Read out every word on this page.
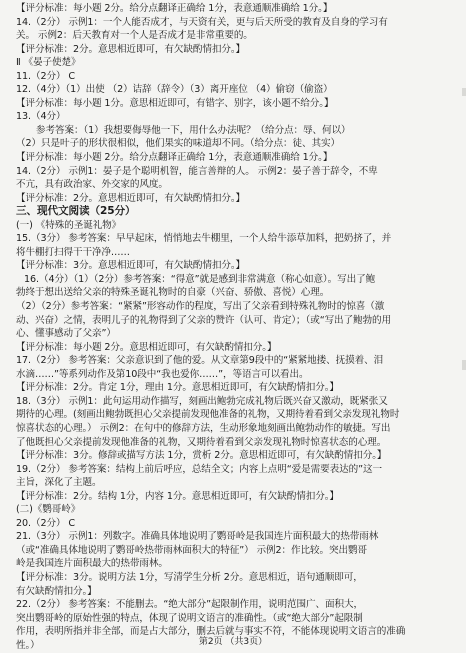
【评分标准：每小题 2分。给分点翻译正确给 1分，表意通顺准确给 1分。】
14.（2分） 示例1：一个人能否成才，与天资有关，更与后天所受的教育及自身的学习有
关。 示例2：后天教育对一个人是否成才是非常重要的。
【评分标准：2分。意思相近即可，有欠缺酌情扣分。】
Ⅱ 《晏子使楚》
11.（2分） C
12.（4分）（1）出使 （2）诘辞（辞令）（3）离开座位 （4）偷窃（偷盗）
【评分标准：每小题 1分。意思相近即可，有错字、别字，该小题不给分。】
13.（4分）
参考答案：（1）我想要侮辱他一下，用什么办法呢？（给分点：辱、何以）
（2）只是叶子的形状很相似，他们果实的味道却不同。（给分点：徒、其实）
【评分标准：每小题 2分。给分点翻译正确给 1分，表意通顺准确给 1分。】
14.（2分） 示例1：晏子是个聪明机智，能言善辩的人。 示例2：晏子善于辞令，不卑
不亢，具有政治家、外交家的风度。
【评分标准：2分。意思相近即可，有欠缺酌情扣分。】
三、现代文阅读（25分）
(一) 《特殊的圣诞礼物》
15.（3分） 参考答案：早早起床，悄悄地去牛棚里，一个人给牛添草加料，把奶挤了，并
将牛棚打扫得干干净净……
【评分标准：3分。意思相近即可，有欠缺酌情扣分。】
16.（4分）（1）（2分）参考答案：“得意”就是感到非常满意（称心如意）。写出了鲍
勃终于想出送给父亲的特殊圣诞礼物时的自豪（兴奋、骄傲、喜悦）心理。
（2）（2分）参考答案：“紧紧”形容动作的程度，写出了父亲看到特殊礼物时的惊喜（激
动、兴奋）之情，表明儿子的礼物得到了父亲的赞许（认可、肯定）；（或“写出了鲍勃的用
心、懂事感动了父亲”）
【评分标准：每小题 2分。意思相近即可，有欠缺酌情扣分。】
17.（2分） 参考答案：父亲意识到了他的爱。从文章第9段中的“紧紧地搂、抚摸着、泪
水滴……”等系列动作及第10段中“我也爱你……”，等语言可以看出。
【评分标准：2分。肯定 1分，理由 1分。意思相近即可，有欠缺酌情扣分。】
18.（3分） 示例1：此句运用动作描写，刻画出鲍勃完成礼物后既兴奋又激动，既紧张又
期待的心理。(刻画出鲍勃既担心父亲提前发现他准备的礼物，又期待着看到父亲发现礼物时
惊喜状态的心理。） 示例2：在句中的修辞方法，生动形象地刻画出鲍勃动作的敏捷。写出
了他既担心父亲提前发现他准备的礼物，又期待着看到父亲发现礼物时惊喜状态的心理。
【评分标准：3分。修辞或描写方法 1分，赏析 2分。意思相近即可，有欠缺酌情扣分。】
19.（2分） 参考答案：结构上前后呼应，总结全文；内容上点明“爱是需要表达的”这一
主旨，深化了主题。
【评分标准：2分。结构 1分，内容 1分。意思相近即可，有欠缺酌情扣分。】
(二)《鹦哥岭》
20.（2分） C
21.（3分） 示例1：列数字。准确具体地说明了鹦哥岭是我国连片面积最大的热带雨林
（或“准确具体地说明了鹦哥岭热带雨林面积大的特征”） 示例2：作比较。突出鹦哥
岭是我国连片面积最大的热带雨林。
【评分标准：3分。说明方法 1分，写清学生分析 2分。意思相近，语句通顺即可，
有欠缺酌情扣分。】
22.（2分） 参考答案：不能删去。“绝大部分”起限制作用，说明范围广、面积大，
突出鹦哥岭的原始性强的特点，体现了说明文语言的准确性。（或“绝大部分”起限制
作用，表明所指并非全部，而是占大部分，删去后就与事实不符，不能体现说明文语言的准确
性。）	第2页 （共3页）
